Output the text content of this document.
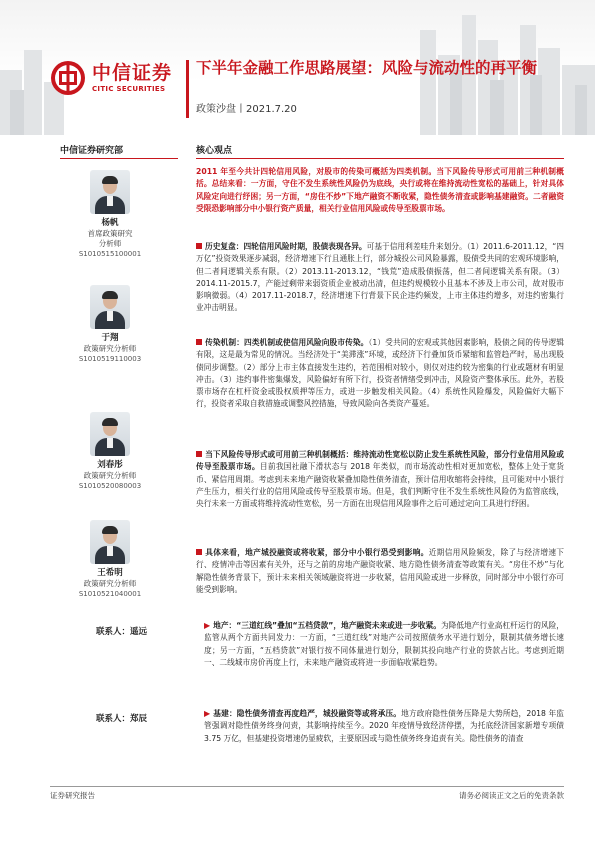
中信证券
CITIC SECURITIES
下半年金融工作思路展望：风险与流动性的再平衡
政策沙盘丨2021.7.20
中信证券研究部	核心观点
杨帆
首席政策研究
分析师
S1010515100001
于翔
政策研究分析师
S1010519110003
刘春彤
政策研究分析师
S1010520080003
王希明
政策研究分析师
S1010521040001
联系人：遥远
联系人：郑辰
2011 年至今共计四轮信用风险，对股市的传染可概括为四类机制。当下风险传导形式可用前三种机制概括。总结来看：一方面，守住不发生系统性风险仍为底线，央行或将在维持流动性宽松的基础上，针对具体风险定向进行纾困；另一方面，“房住不炒”下地产融资不断收紧，隐性债务清查或影响基建融资。二者融资受限恐影响部分中小银行资产质量，相关行业信用风险或传导至股票市场。
历史复盘：四轮信用风险时期，股债表现各异。可基于信用利差哇升来划分。（1）2011.6-2011.12，“四万亿”投资效果逐步减弱，经济增速下行且通胀上行，部分城投公司风险暴露，股债受共同的宏观环境影响，但二者间逻辑关系有限。（2）2013.11-2013.12，“钱荒”造成股债振荡，但二者间逻辑关系有限。（3）2014.11-2015.7，产能过剩带来弱资质企业被动出清，但违约规模较小且基本不涉及上市公司，故对股市影响微弱。（4）2017.11-2018.7，经济增速下行背景下民企违约频发，上市主体违约增多，对违约密集行业冲击明显。
传染机制：四类机制或使信用风险向股市传染。（1）受共同的宏观或其他因素影响，股债之间的传导逻辑有限，这是最为常见的情况。当经济处于“美滞涨”环境，或经济下行叠加货币紧缩和监管趋严时，易出现股债同步调整。（2）部分上市主体直接发生违约，若范围相对较小，则仅对违约较为密集的行业或题材有明显冲击。（3）违约事件密集爆发，风险偏好有所下行，投资者情绪受到冲击，风险资产整体承压。此外，若股票市场存在杠杆资金或股权质押等压力，或进一步触发相关风险。（4）系统性风险爆发，风险偏好大幅下行，投资者采取自救措施或调整风控措施，导致风险向各类资产蔓延。
当下风险传导形式或可用前三种机制概括：维持流动性宽松以防止发生系统性风险，部分行业信用风险或传导至股票市场。目前我国社融下滑状态与 2018 年类似，而市场流动性相对更加宽松，整体上处于宽货币、紧信用周期。考虑到未来地产融资收紧叠加隐性债务清查，预计信用收缩将会持续，且可能对中小银行产生压力，相关行业的信用风险或传导至股票市场。但是，我们判断守住不发生系统性风险仍为监管底线，央行未来一方面或将维持流动性宽松，另一方面在出现信用风险事件之后可通过定向工具进行纾困。
具体来看，地产城投融资或将收紧，部分中小银行恐受到影响。近期信用风险频发，除了与经济增速下行、疫情冲击等因素有关外，还与之前的房地产融资收紧、地方隐性债务清查等政策有关。“房住不炒”与化解隐性债务背景下，预计未来相关领域融资将进一步收紧，信用风险或进一步释放，同时部分中小银行亦可能受到影响。
▶ 地产：“三道红线”叠加“五档贷款”，地产融资未来或进一步收紧。为降低地产行业高杠杆运行的风险，监管从两个方面共同发力：一方面，“三道红线”对地产公司按照债务水平进行划分，限制其债务增长速度；另一方面，“五档贷款”对银行按不同体量进行划分，限制其投向地产行业的贷款占比。考虑到近期一、二线城市房价再度上行，未来地产融资或将进一步面临收紧趋势。
▶ 基建：隐性债务清查再度趋严，城投融资等或将承压。地方政府隐性债务压降是大势所趋，2018 年监管强调对隐性债务终身问责，其影响持续至今。2020 年疫情导致经济停摆，为托底经济国家新增专项债 3.75 万亿，但基建投资增速仍显疲软，主要原因或与隐性债务终身追责有关。隐性债务的清查
证券研究报告	请务必阅读正文之后的免责条款
